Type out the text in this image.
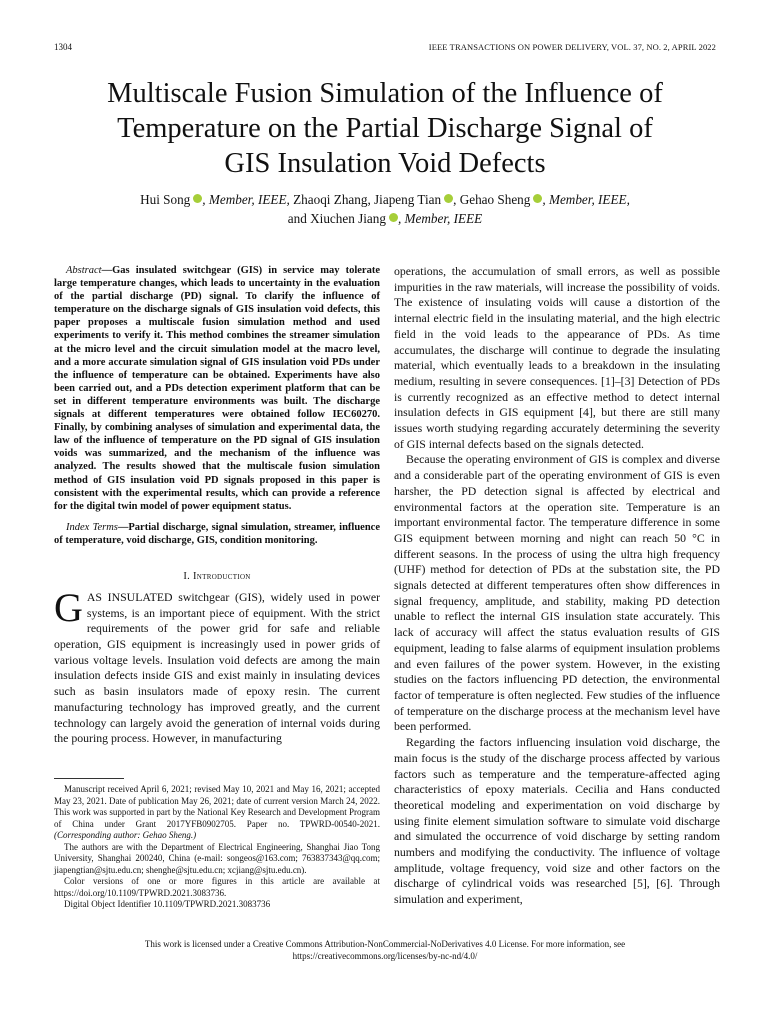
1304	IEEE TRANSACTIONS ON POWER DELIVERY, VOL. 37, NO. 2, APRIL 2022
Multiscale Fusion Simulation of the Influence of
Temperature on the Partial Discharge Signal of
GIS Insulation Void Defects
Hui Song , Member, IEEE, Zhaoqi Zhang, Jiapeng Tian , Gehao Sheng , Member, IEEE,
and Xiuchen Jiang , Member, IEEE

Abstract—Gas insulated switchgear (GIS) in service may tolerate large temperature changes, which leads to uncertainty in the evaluation of the partial discharge (PD) signal. To clarify the influence of temperature on the discharge signals of GIS insulation void defects, this paper proposes a multiscale fusion simulation method and used experiments to verify it. This method combines the streamer simulation at the micro level and the circuit simulation model at the macro level, and a more accurate simulation signal of GIS insulation void PDs under the influence of temperature can be obtained. Experiments have also been carried out, and a PDs detection experiment platform that can be set in different temperature environments was built. The discharge signals at different temperatures were obtained follow IEC60270. Finally, by combining analyses of simulation and experimental data, the law of the influence of temperature on the PD signal of GIS insulation voids was summarized, and the mechanism of the influence was analyzed. The results showed that the multiscale fusion simulation method of GIS insulation void PD signals proposed in this paper is consistent with the experimental results, which can provide a reference for the digital twin model of power equipment status.

Index Terms—Partial discharge, signal simulation, streamer, influence of temperature, void discharge, GIS, condition monitoring.

I. Introduction

GAS INSULATED switchgear (GIS), widely used in power systems, is an important piece of equipment. With the strict requirements of the power grid for safe and reliable operation, GIS equipment is increasingly used in power grids of various voltage levels. Insulation void defects are among the main insulation defects inside GIS and exist mainly in insulating devices such as basin insulators made of epoxy resin. The current manufacturing technology has improved greatly, and the current technology can largely avoid the generation of internal voids during the pouring process. However, in manufacturing

Manuscript received April 6, 2021; revised May 10, 2021 and May 16, 2021; accepted May 23, 2021. Date of publication May 26, 2021; date of current version March 24, 2022. This work was supported in part by the National Key Research and Development Program of China under Grant 2017YFB0902705. Paper no. TPWRD-00540-2021. (Corresponding author: Gehao Sheng.)

The authors are with the Department of Electrical Engineering, Shanghai Jiao Tong University, Shanghai 200240, China (e-mail: songeos@163.com; 763837343@qq.com; jiapengtian@sjtu.edu.cn; shenghe@sjtu.edu.cn; xcjiang@sjtu.edu.cn).

Color versions of one or more figures in this article are available at https://doi.org/10.1109/TPWRD.2021.3083736.

Digital Object Identifier 10.1109/TPWRD.2021.3083736

operations, the accumulation of small errors, as well as possible impurities in the raw materials, will increase the possibility of voids. The existence of insulating voids will cause a distortion of the internal electric field in the insulating material, and the high electric field in the void leads to the appearance of PDs. As time accumulates, the discharge will continue to degrade the insulating material, which eventually leads to a breakdown in the insulating medium, resulting in severe consequences. [1]–[3] Detection of PDs is currently recognized as an effective method to detect internal insulation defects in GIS equipment [4], but there are still many issues worth studying regarding accurately determining the severity of GIS internal defects based on the signals detected.

Because the operating environment of GIS is complex and diverse and a considerable part of the operating environment of GIS is even harsher, the PD detection signal is affected by electrical and environmental factors at the operation site. Temperature is an important environmental factor. The temperature difference in some GIS equipment between morning and night can reach 50 °C in different seasons. In the process of using the ultra high frequency (UHF) method for detection of PDs at the substation site, the PD signals detected at different temperatures often show differences in signal frequency, amplitude, and stability, making PD detection unable to reflect the internal GIS insulation state accurately. This lack of accuracy will affect the status evaluation results of GIS equipment, leading to false alarms of equipment insulation problems and even failures of the power system. However, in the existing studies on the factors influencing PD detection, the environmental factor of temperature is often neglected. Few studies of the influence of temperature on the discharge process at the mechanism level have been performed.

Regarding the factors influencing insulation void discharge, the main focus is the study of the discharge process affected by various factors such as temperature and the temperature-affected aging characteristics of epoxy materials. Cecilia and Hans conducted theoretical modeling and experimentation on void discharge by using finite element simulation software to simulate void discharge and simulated the occurrence of void discharge by setting random numbers and modifying the conductivity. The influence of voltage amplitude, voltage frequency, void size and other factors on the discharge of cylindrical voids was researched [5], [6]. Through simulation and experiment,

This work is licensed under a Creative Commons Attribution-NonCommercial-NoDerivatives 4.0 License. For more information, see
https://creativecommons.org/licenses/by-nc-nd/4.0/
